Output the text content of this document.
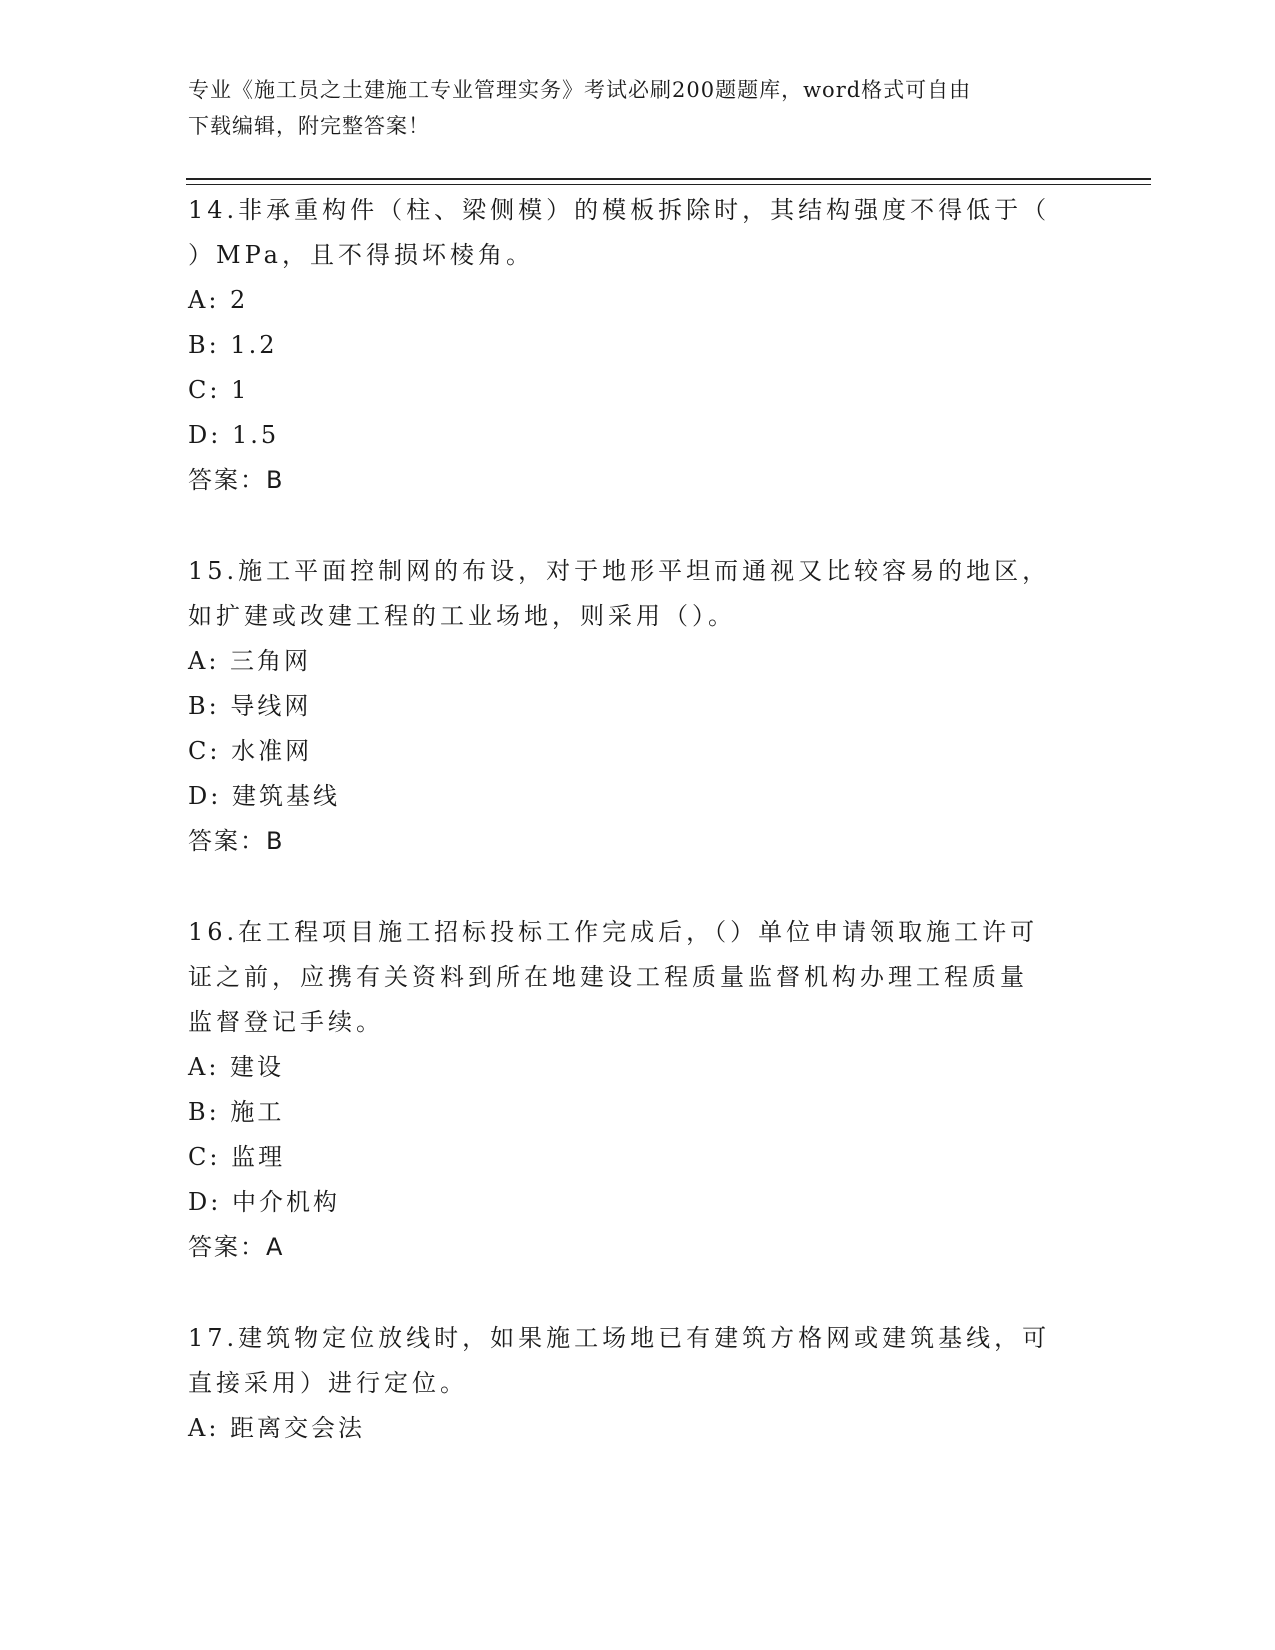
专业《施工员之土建施工专业管理实务》考试必刷200题题库，word格式可自由
下载编辑，附完整答案！
14.非承重构件（柱、梁侧模）的模板拆除时，其结构强度不得低于（
）MPa，且不得损坏棱角。
A: 2
B: 1.2
C: 1
D: 1.5
答案：B
15.施工平面控制网的布设，对于地形平坦而通视又比较容易的地区，
如扩建或改建工程的工业场地，则采用（）。
A: 三角网
B: 导线网
C: 水准网
D: 建筑基线
答案：B
16.在工程项目施工招标投标工作完成后，（）单位申请领取施工许可
证之前，应携有关资料到所在地建设工程质量监督机构办理工程质量
监督登记手续。
A: 建设
B: 施工
C: 监理
D: 中介机构
答案：A
17.建筑物定位放线时，如果施工场地已有建筑方格网或建筑基线，可
直接采用）进行定位。
A: 距离交会法
